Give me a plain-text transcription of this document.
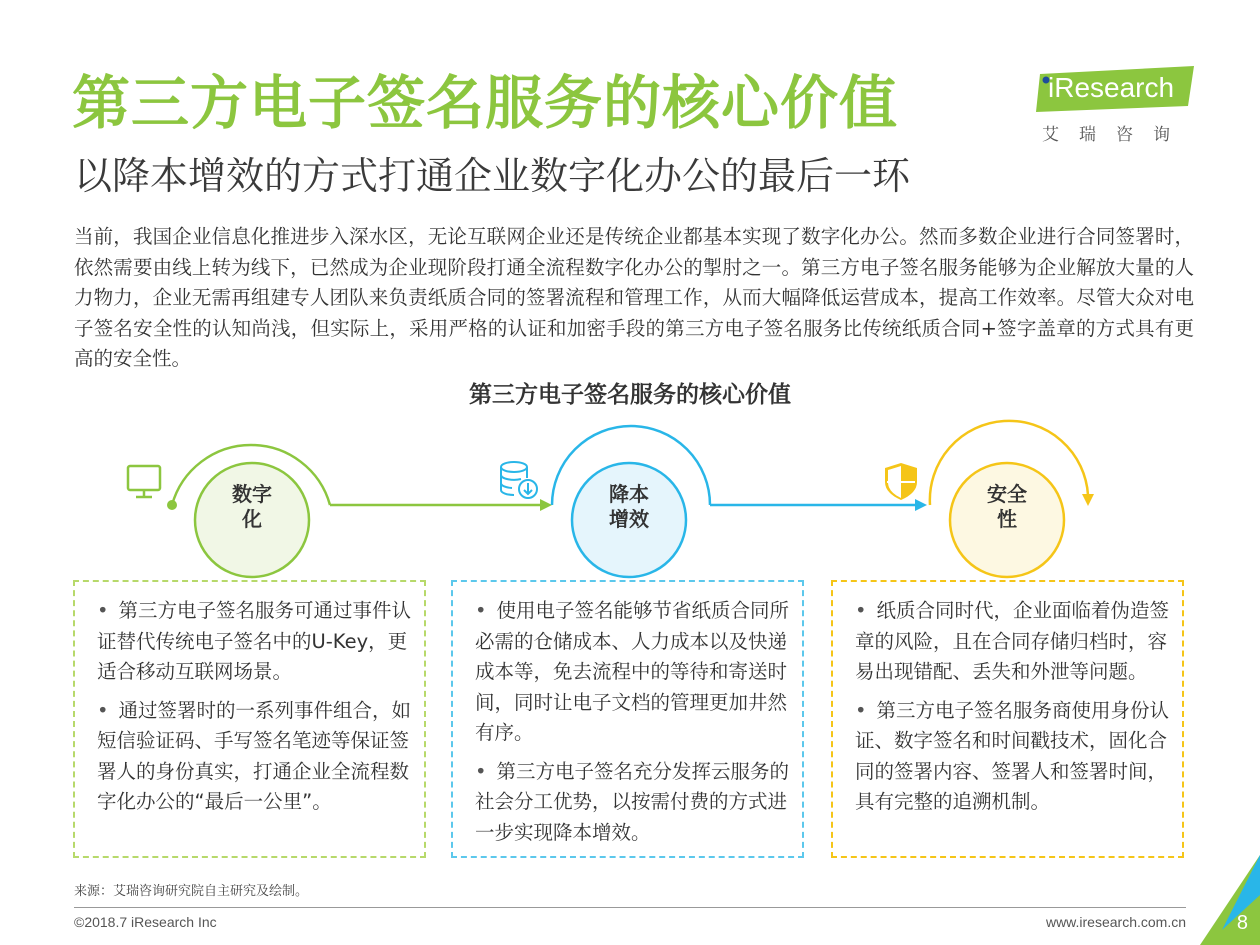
第三方电子签名服务的核心价值
以降本增效的方式打通企业数字化办公的最后一环
iResearch
艾瑞咨询
当前，我国企业信息化推进步入深水区，无论互联网企业还是传统企业都基本实现了数字化办公。然而多数企业进行合同签署时，依然需要由线上转为线下，已然成为企业现阶段打通全流程数字化办公的掣肘之一。第三方电子签名服务能够为企业解放大量的人力物力，企业无需再组建专人团队来负责纸质合同的签署流程和管理工作，从而大幅降低运营成本，提高工作效率。尽管大众对电子签名安全性的认知尚浅，但实际上，采用严格的认证和加密手段的第三方电子签名服务比传统纸质合同+签字盖章的方式具有更高的安全性。
第三方电子签名服务的核心价值
数字
化
降本
增效
安全
性
• 第三方电子签名服务可通过事件认证替代传统电子签名中的U-Key，更适合移动互联网场景。
• 通过签署时的一系列事件组合，如短信验证码、手写签名笔迹等保证签署人的身份真实，打通企业全流程数字化办公的“最后一公里”。
• 使用电子签名能够节省纸质合同所必需的仓储成本、人力成本以及快递成本等，免去流程中的等待和寄送时间，同时让电子文档的管理更加井然有序。
• 第三方电子签名充分发挥云服务的社会分工优势，以按需付费的方式进一步实现降本增效。
• 纸质合同时代，企业面临着伪造签章的风险，且在合同存储归档时，容易出现错配、丢失和外泄等问题。
• 第三方电子签名服务商使用身份认证、数字签名和时间戳技术，固化合同的签署内容、签署人和签署时间，具有完整的追溯机制。
来源：艾瑞咨询研究院自主研究及绘制。
©2018.7 iResearch Inc	www.iresearch.com.cn	8
